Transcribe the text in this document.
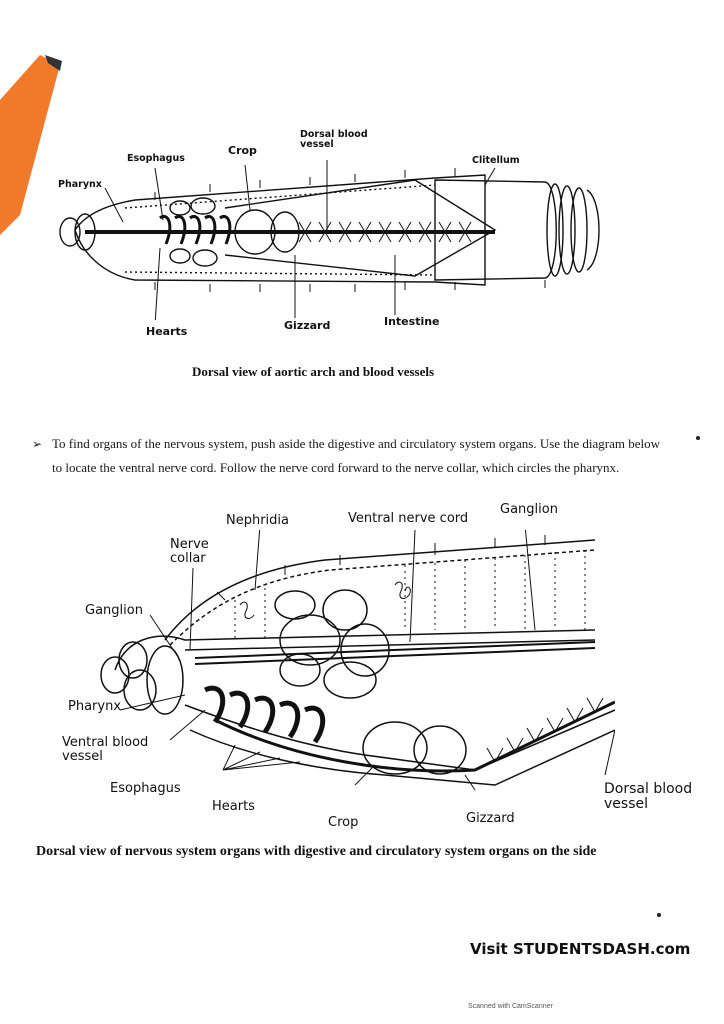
Pharynx
Esophagus
Crop
Dorsal blood
vessel
Clitellum
Hearts	Gizzard	Intestine
Dorsal view of aortic arch and blood vessels
➢ To find organs of the nervous system, push aside the digestive and circulatory system organs. Use the diagram below to locate the ventral nerve cord. Follow the nerve cord forward to the nerve collar, which circles the pharynx.
Nephridia	Ventral nerve cord
Ganglion
Nerve
collar
Ganglion
Pharynx
Ventral blood
vessel
Esophagus
Hearts
Crop	Gizzard
Dorsal blood
vessel
Dorsal view of nervous system organs with digestive and circulatory system organs on the side
Visit STUDENTSDASH.com
Scanned with CamScanner
